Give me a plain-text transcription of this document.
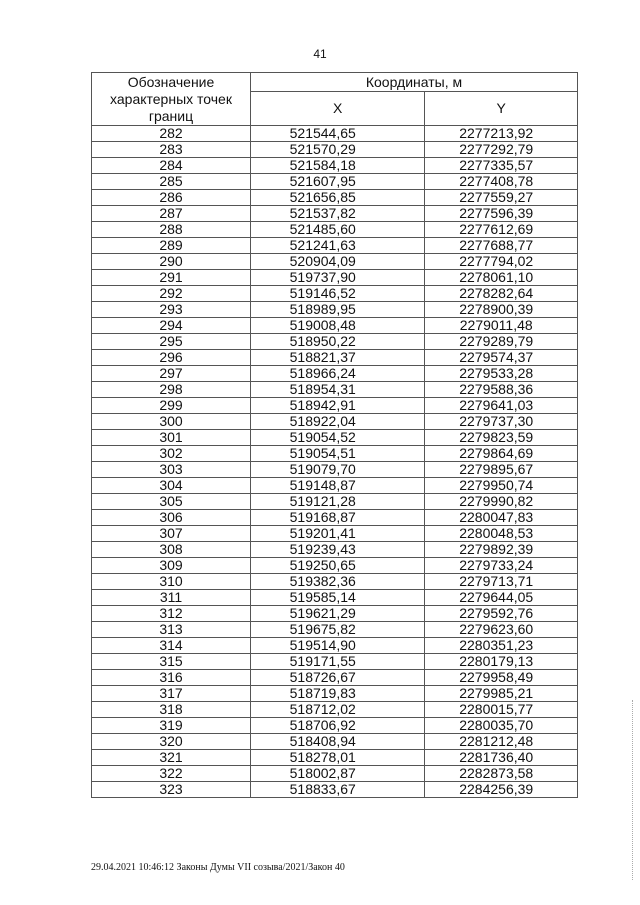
41
Обозначение характерных точек границ	Координаты, м	
	X	Y
282	521544,65	2277213,92
283	521570,29	2277292,79
284	521584,18	2277335,57
285	521607,95	2277408,78
286	521656,85	2277559,27
287	521537,82	2277596,39
288	521485,60	2277612,69
289	521241,63	2277688,77
290	520904,09	2277794,02
291	519737,90	2278061,10
292	519146,52	2278282,64
293	518989,95	2278900,39
294	519008,48	2279011,48
295	518950,22	2279289,79
296	518821,37	2279574,37
297	518966,24	2279533,28
298	518954,31	2279588,36
299	518942,91	2279641,03
300	518922,04	2279737,30
301	519054,52	2279823,59
302	519054,51	2279864,69
303	519079,70	2279895,67
304	519148,87	2279950,74
305	519121,28	2279990,82
306	519168,87	2280047,83
307	519201,41	2280048,53
308	519239,43	2279892,39
309	519250,65	2279733,24
310	519382,36	2279713,71
311	519585,14	2279644,05
312	519621,29	2279592,76
313	519675,82	2279623,60
314	519514,90	2280351,23
315	519171,55	2280179,13
316	518726,67	2279958,49
317	518719,83	2279985,21
318	518712,02	2280015,77
319	518706,92	2280035,70
320	518408,94	2281212,48
321	518278,01	2281736,40
322	518002,87	2282873,58
323	518833,67	2284256,39
29.04.2021 10:46:12 Законы Думы VII созыва/2021/Закон 40
